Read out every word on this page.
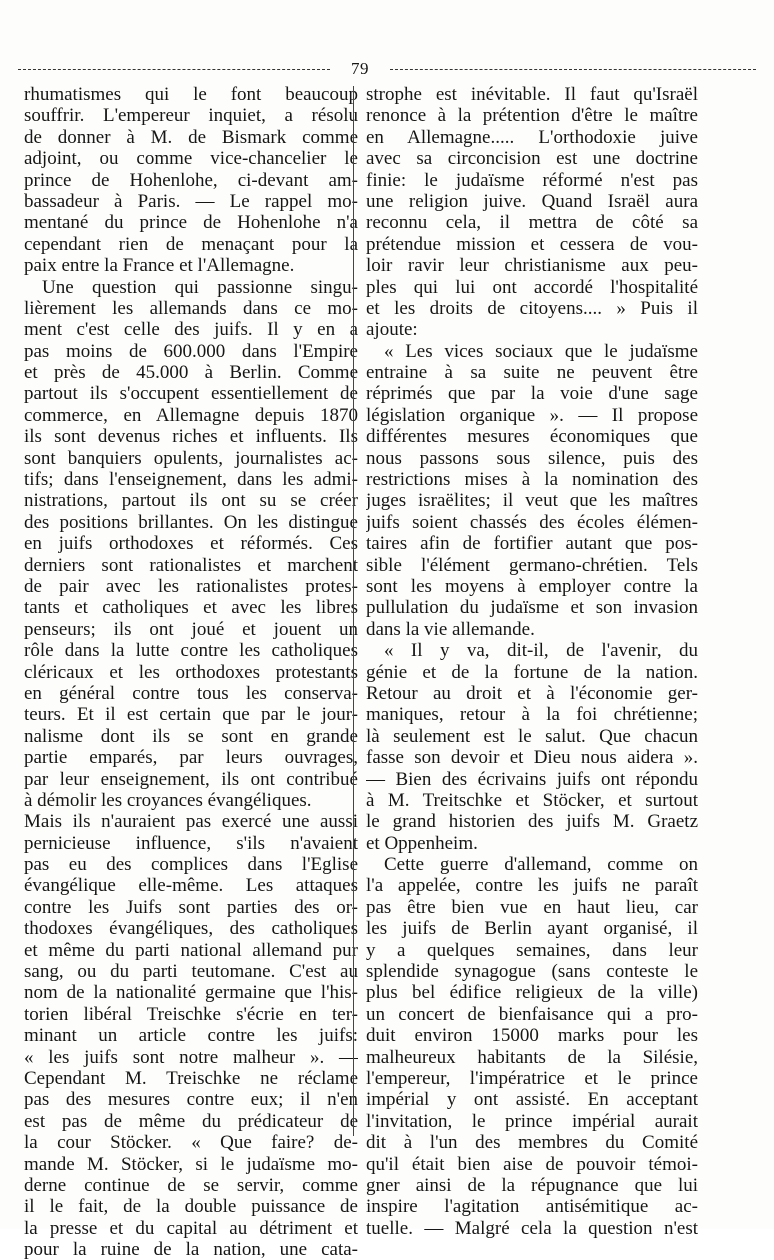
79
rhumatismes qui le font beaucoup
souffrir. L'empereur inquiet, a résolu
de donner à M. de Bismark comme
adjoint, ou comme vice-chancelier le
prince de Hohenlohe, ci-devant am-
bassadeur à Paris. — Le rappel mo-
mentané du prince de Hohenlohe n'a
cependant rien de menaçant pour la
paix entre la France et l'Allemagne.
Une question qui passionne singu-
lièrement les allemands dans ce mo-
ment c'est celle des juifs. Il y en a
pas moins de 600.000 dans l'Empire
et près de 45.000 à Berlin. Comme
partout ils s'occupent essentiellement de
commerce, en Allemagne depuis 1870
ils sont devenus riches et influents. Ils
sont banquiers opulents, journalistes ac-
tifs; dans l'enseignement, dans les admi-
nistrations, partout ils ont su se créer
des positions brillantes. On les distingue
en juifs orthodoxes et réformés. Ces
derniers sont rationalistes et marchent
de pair avec les rationalistes protes-
tants et catholiques et avec les libres
penseurs; ils ont joué et jouent un
rôle dans la lutte contre les catholiques
cléricaux et les orthodoxes protestants
en général contre tous les conserva-
teurs. Et il est certain que par le jour-
nalisme dont ils se sont en grande
partie emparés, par leurs ouvrages,
par leur enseignement, ils ont contribué
à démolir les croyances évangéliques.
Mais ils n'auraient pas exercé une aussi
pernicieuse influence, s'ils n'avaient
pas eu des complices dans l'Eglise
évangélique elle-même. Les attaques
contre les Juifs sont parties des or-
thodoxes évangéliques, des catholiques
et même du parti national allemand pur
sang, ou du parti teutomane. C'est au
nom de la nationalité germaine que l'his-
torien libéral Treischke s'écrie en ter-
minant un article contre les juifs:
« les juifs sont notre malheur ». —
Cependant M. Treischke ne réclame
pas des mesures contre eux; il n'en
est pas de même du prédicateur de
la cour Stöcker. « Que faire? de-
mande M. Stöcker, si le judaïsme mo-
derne continue de se servir, comme
il le fait, de la double puissance de
la presse et du capital au détriment et
pour la ruine de la nation, une cata-
strophe est inévitable. Il faut qu'Israël
renonce à la prétention d'être le maître
en Allemagne..... L'orthodoxie juive
avec sa circoncision est une doctrine
finie: le judaïsme réformé n'est pas
une religion juive. Quand Israël aura
reconnu cela, il mettra de côté sa
prétendue mission et cessera de vou-
loir ravir leur christianisme aux peu-
ples qui lui ont accordé l'hospitalité
et les droits de citoyens.... » Puis il
ajoute:
« Les vices sociaux que le judaïsme
entraine à sa suite ne peuvent être
réprimés que par la voie d'une sage
législation organique ». — Il propose
différentes mesures économiques que
nous passons sous silence, puis des
restrictions mises à la nomination des
juges israëlites; il veut que les maîtres
juifs soient chassés des écoles élémen-
taires afin de fortifier autant que pos-
sible l'élément germano-chrétien. Tels
sont les moyens à employer contre la
pullulation du judaïsme et son invasion
dans la vie allemande.
« Il y va, dit-il, de l'avenir, du
génie et de la fortune de la nation.
Retour au droit et à l'économie ger-
maniques, retour à la foi chrétienne;
là seulement est le salut. Que chacun
fasse son devoir et Dieu nous aidera ».
— Bien des écrivains juifs ont répondu
à M. Treitschke et Stöcker, et surtout
le grand historien des juifs M. Graetz
et Oppenheim.
Cette guerre d'allemand, comme on
l'a appelée, contre les juifs ne paraît
pas être bien vue en haut lieu, car
les juifs de Berlin ayant organisé, il
y a quelques semaines, dans leur
splendide synagogue (sans conteste le
plus bel édifice religieux de la ville)
un concert de bienfaisance qui a pro-
duit environ 15000 marks pour les
malheureux habitants de la Silésie,
l'empereur, l'impératrice et le prince
impérial y ont assisté. En acceptant
l'invitation, le prince impérial aurait
dit à l'un des membres du Comité
qu'il était bien aise de pouvoir témoi-
gner ainsi de la répugnance que lui
inspire l'agitation antisémitique ac-
tuelle. — Malgré cela la question n'est
